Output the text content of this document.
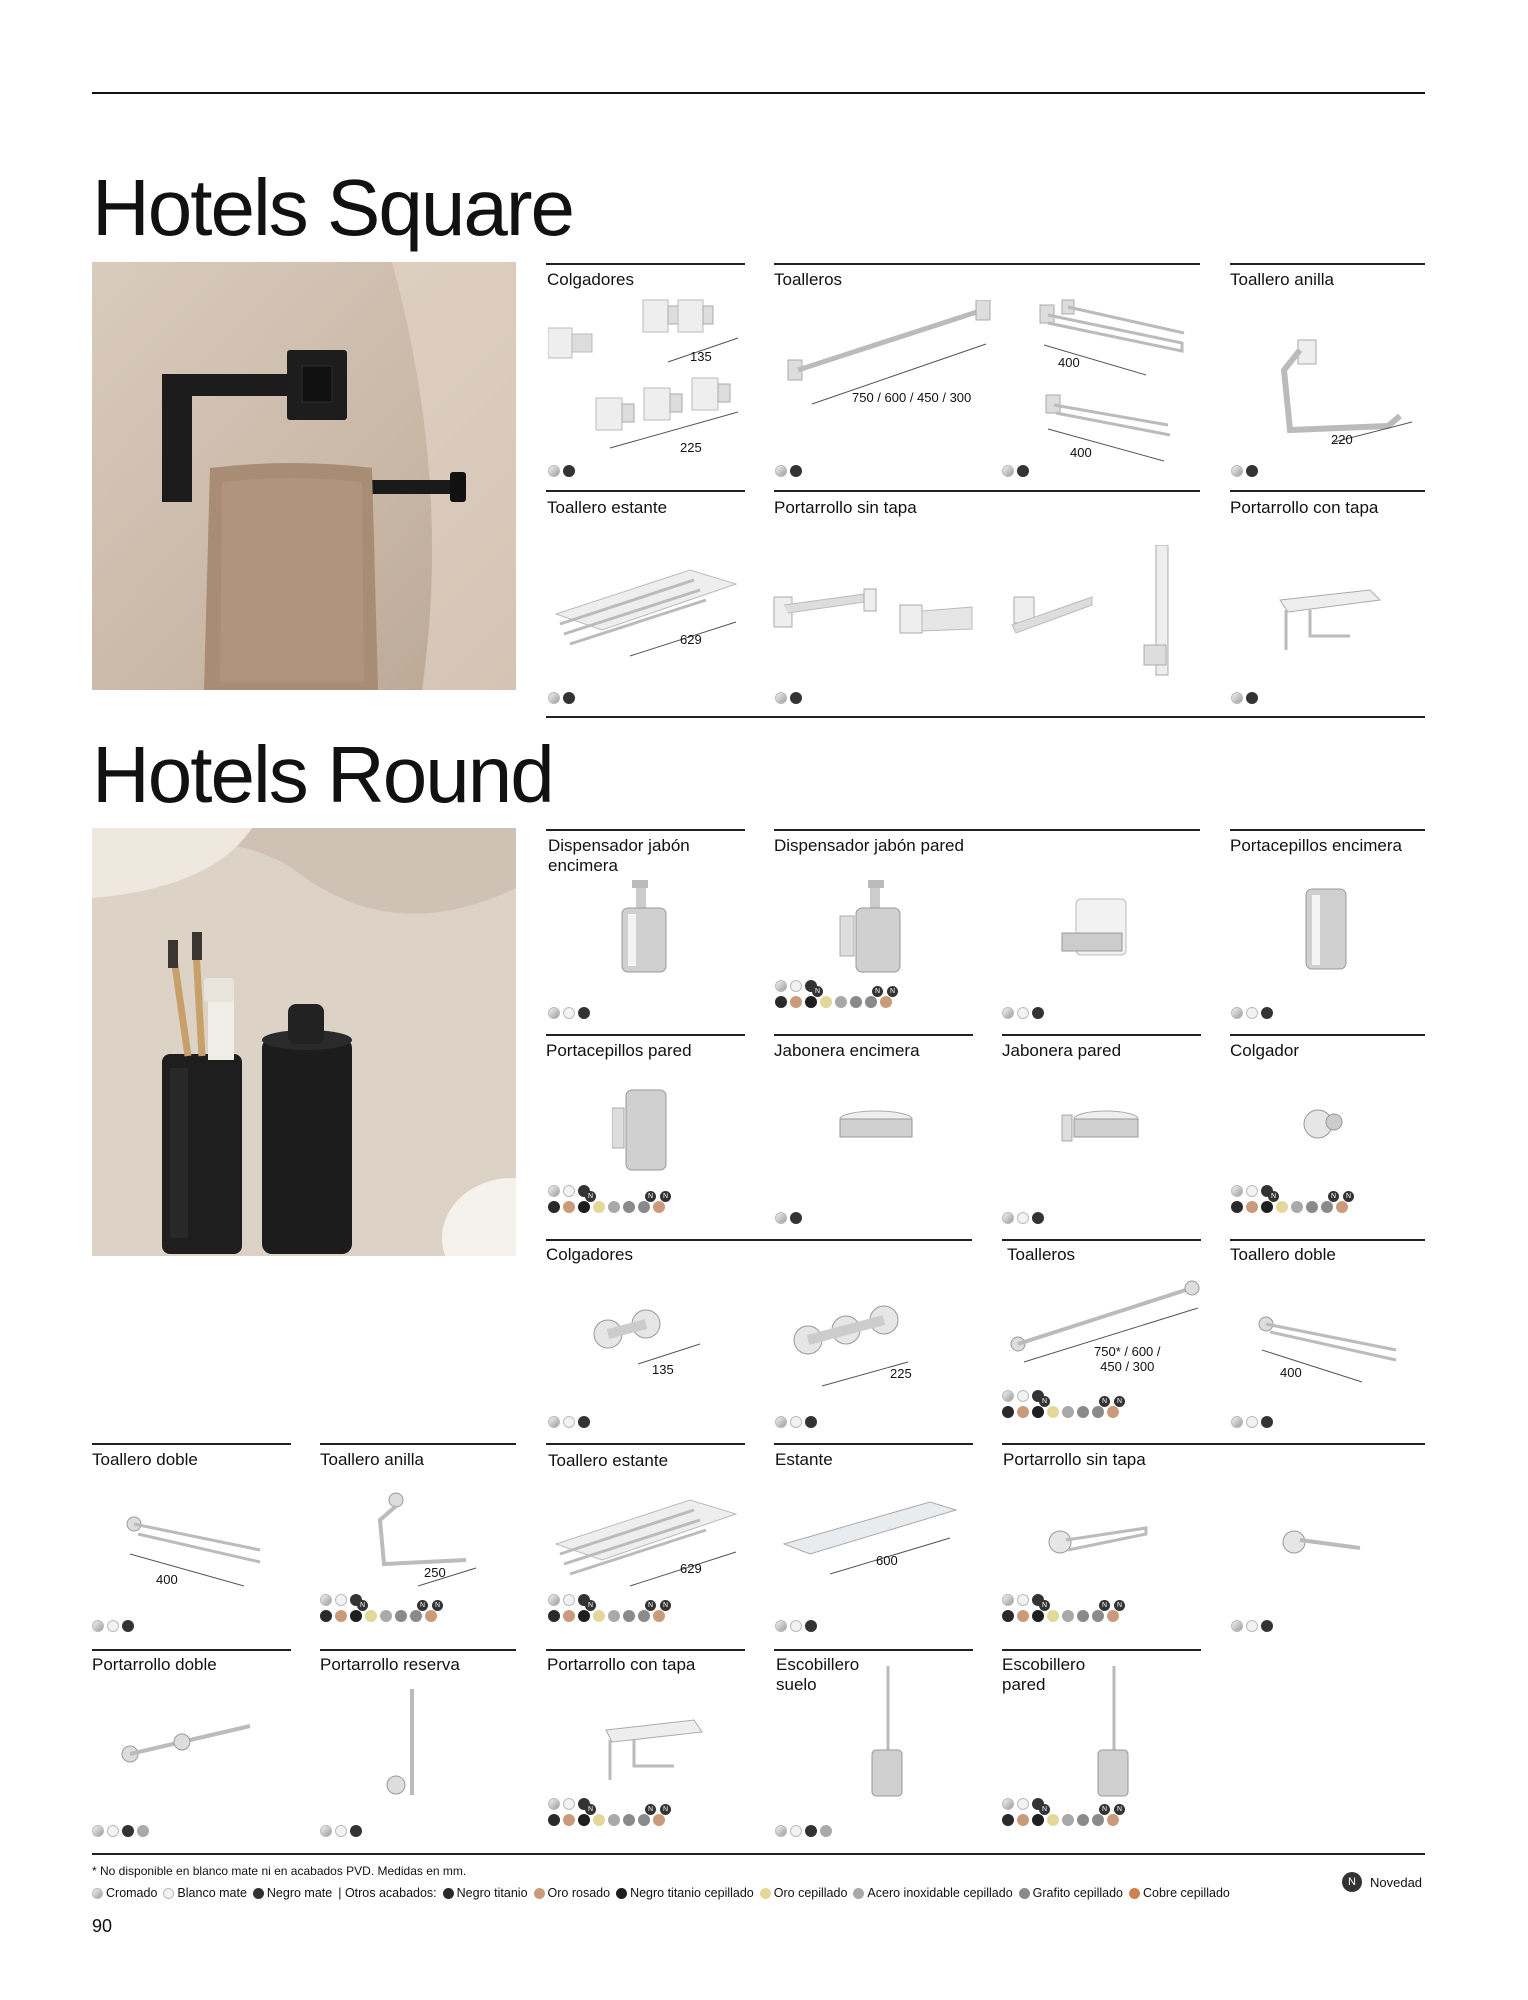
Hotels Square
Colgadores	Toalleros	Toallero anilla
Toallero estante	Portarrollo sin tapa	Portarrollo con tapa
135
225
750 / 600 / 450 / 300
400
400
220
629
Hotels Round
Dispensador jabón
encimera
Dispensador jabón pared	Portacepillos encimera
Portacepillos pared	Jabonera encimera	Jabonera pared	Colgador
Colgadores	Toalleros	Toallero doble
Toallero doble	Toallero anilla	Toallero estante	Estante	Portarrollo sin tapa
Portarrollo doble	Portarrollo reserva	Portarrollo con tapa	Escobillero
suelo
Escobillero
pared
135	225
750* / 600 /
450 / 300	400
400	250	629
600
N	N	N
N	N	N	N	N	N
N	N	N
N	N	N	N	N	N	N	N	N
N	N	N	N	N	N
* No disponible en blanco mate ni en acabados PVD. Medidas en mm.
Cromado Blanco mate Negro mate | Otros acabados: Negro titanio Oro rosado Negro titanio cepillado Oro cepillado Acero inoxidable cepillado Grafito cepillado Cobre cepillado
N	Novedad
90
